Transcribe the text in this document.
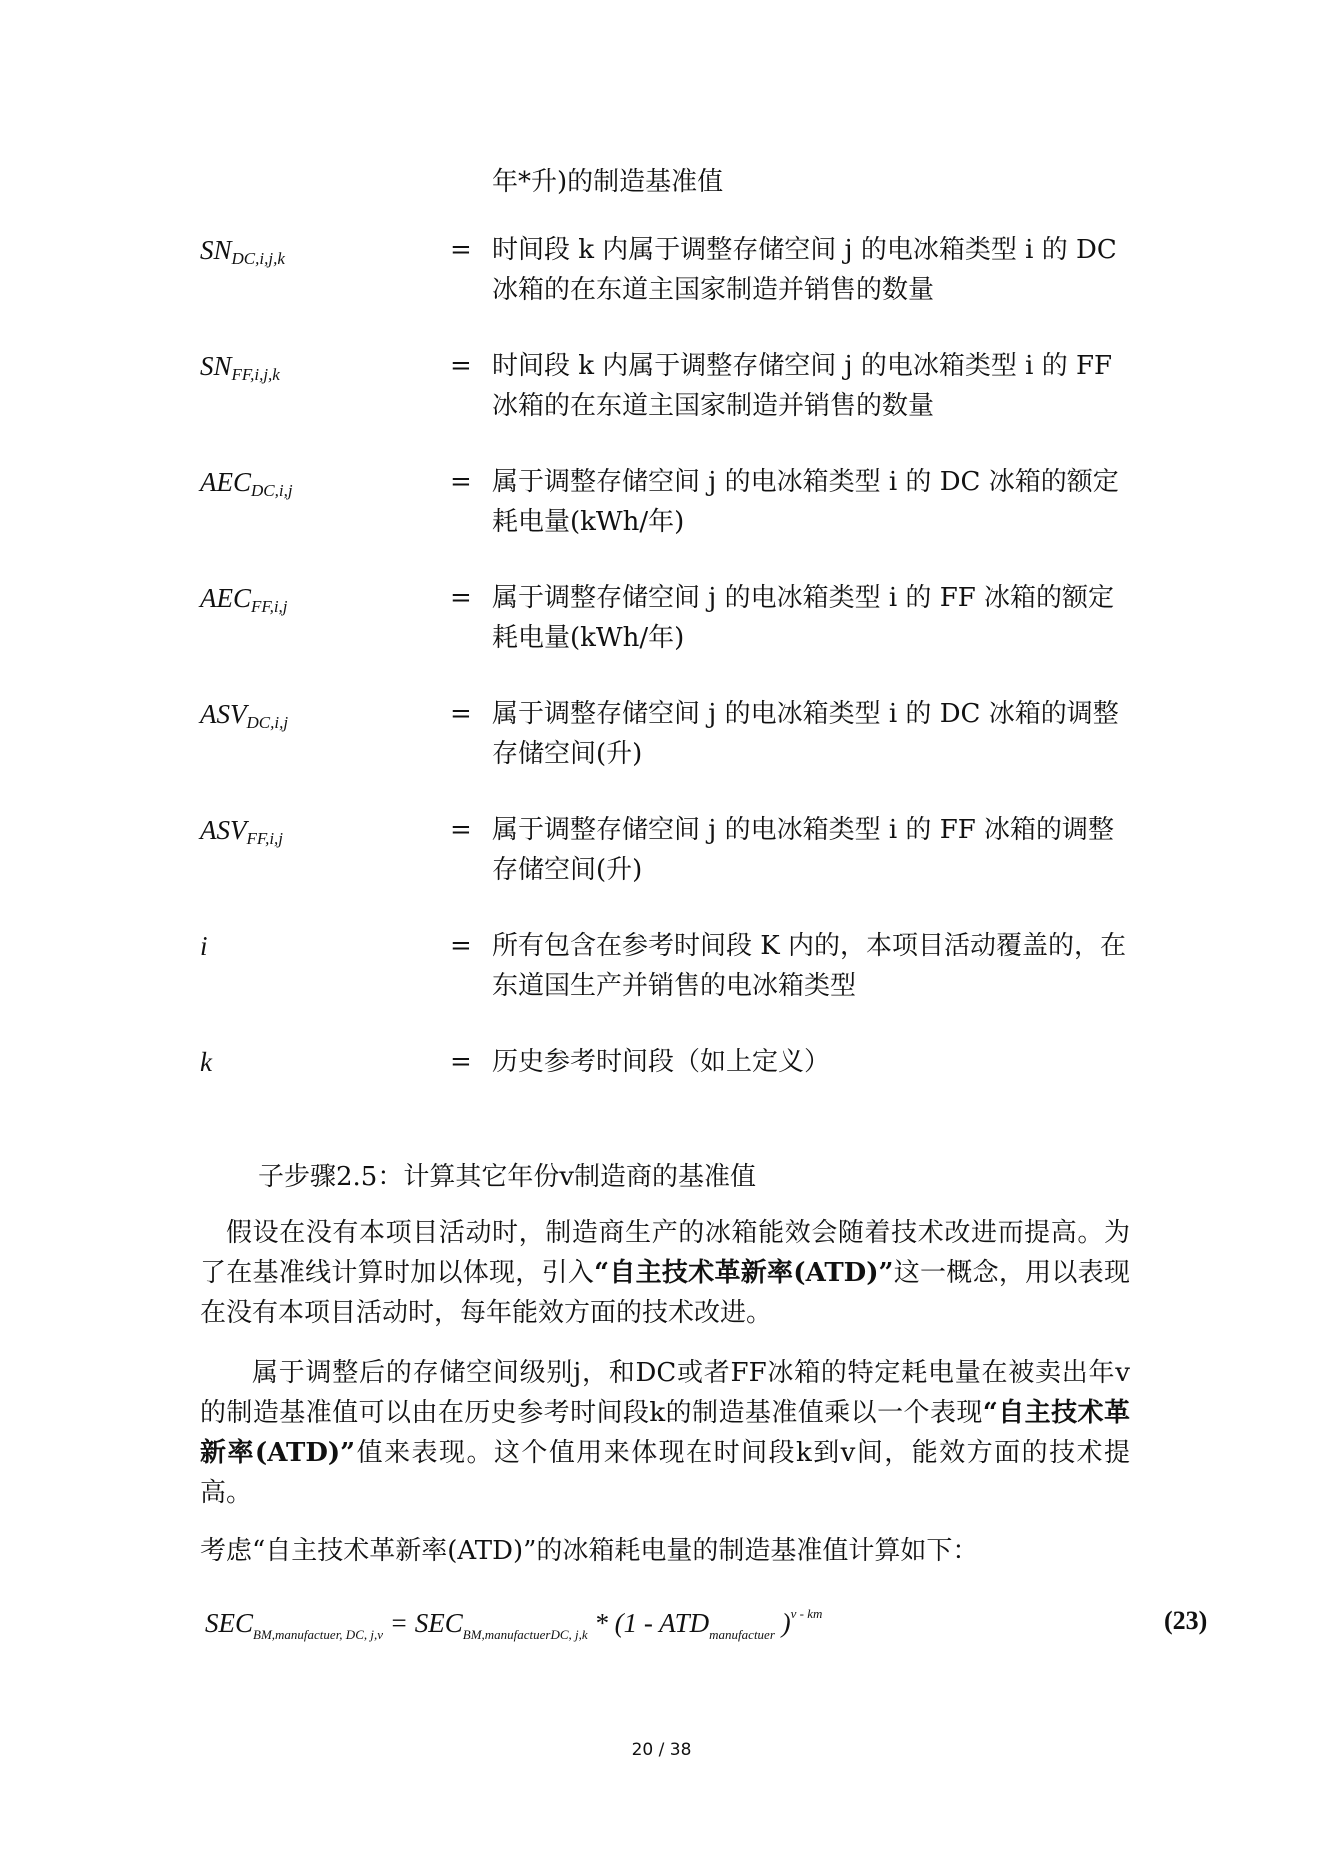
年*升)的制造基准值
$SN_{DC,i,j,k}$	= 时间段 k 内属于调整存储空间 j 的电冰箱类型 i 的 DC 冰箱的在东道主国家制造并销售的数量
$SN_{FF,i,j,k}$	= 时间段 k 内属于调整存储空间 j 的电冰箱类型 i 的 FF 冰箱的在东道主国家制造并销售的数量
$AEC_{DC,i,j}$	= 属于调整存储空间 j 的电冰箱类型 i 的 DC 冰箱的额定耗电量(kWh/年)
$AEC_{FF,i,j}$	= 属于调整存储空间 j 的电冰箱类型 i 的 FF 冰箱的额定耗电量(kWh/年)
$ASV_{DC,i,j}$	= 属于调整存储空间 j 的电冰箱类型 i 的 DC 冰箱的调整存储空间(升)
$ASV_{FF,i,j}$	= 属于调整存储空间 j 的电冰箱类型 i 的 FF 冰箱的调整存储空间(升)
i	= 所有包含在参考时间段 K 内的，本项目活动覆盖的，在东道国生产并销售的电冰箱类型
k	= 历史参考时间段（如上定义）
子步骤2.5：计算其它年份v制造商的基准值
假设在没有本项目活动时，制造商生产的冰箱能效会随着技术改进而提高。为了在基准线计算时加以体现，引入“自主技术革新率(ATD)”这一概念，用以表现在没有本项目活动时，每年能效方面的技术改进。
属于调整后的存储空间级别j，和DC或者FF冰箱的特定耗电量在被卖出年v的制造基准值可以由在历史参考时间段k的制造基准值乘以一个表现“自主技术革新率(ATD)”值来表现。这个值用来体现在时间段k到v间，能效方面的技术提高。
考虑“自主技术革新率(ATD)”的冰箱耗电量的制造基准值计算如下：
$SEC_{BM,manufactuer, DC, j,v} = SEC_{BM,manufactuerDC, j,k} * (1 - ATD_{manufactuer}$ )$^{v - km}$	(23)
20 / 38
